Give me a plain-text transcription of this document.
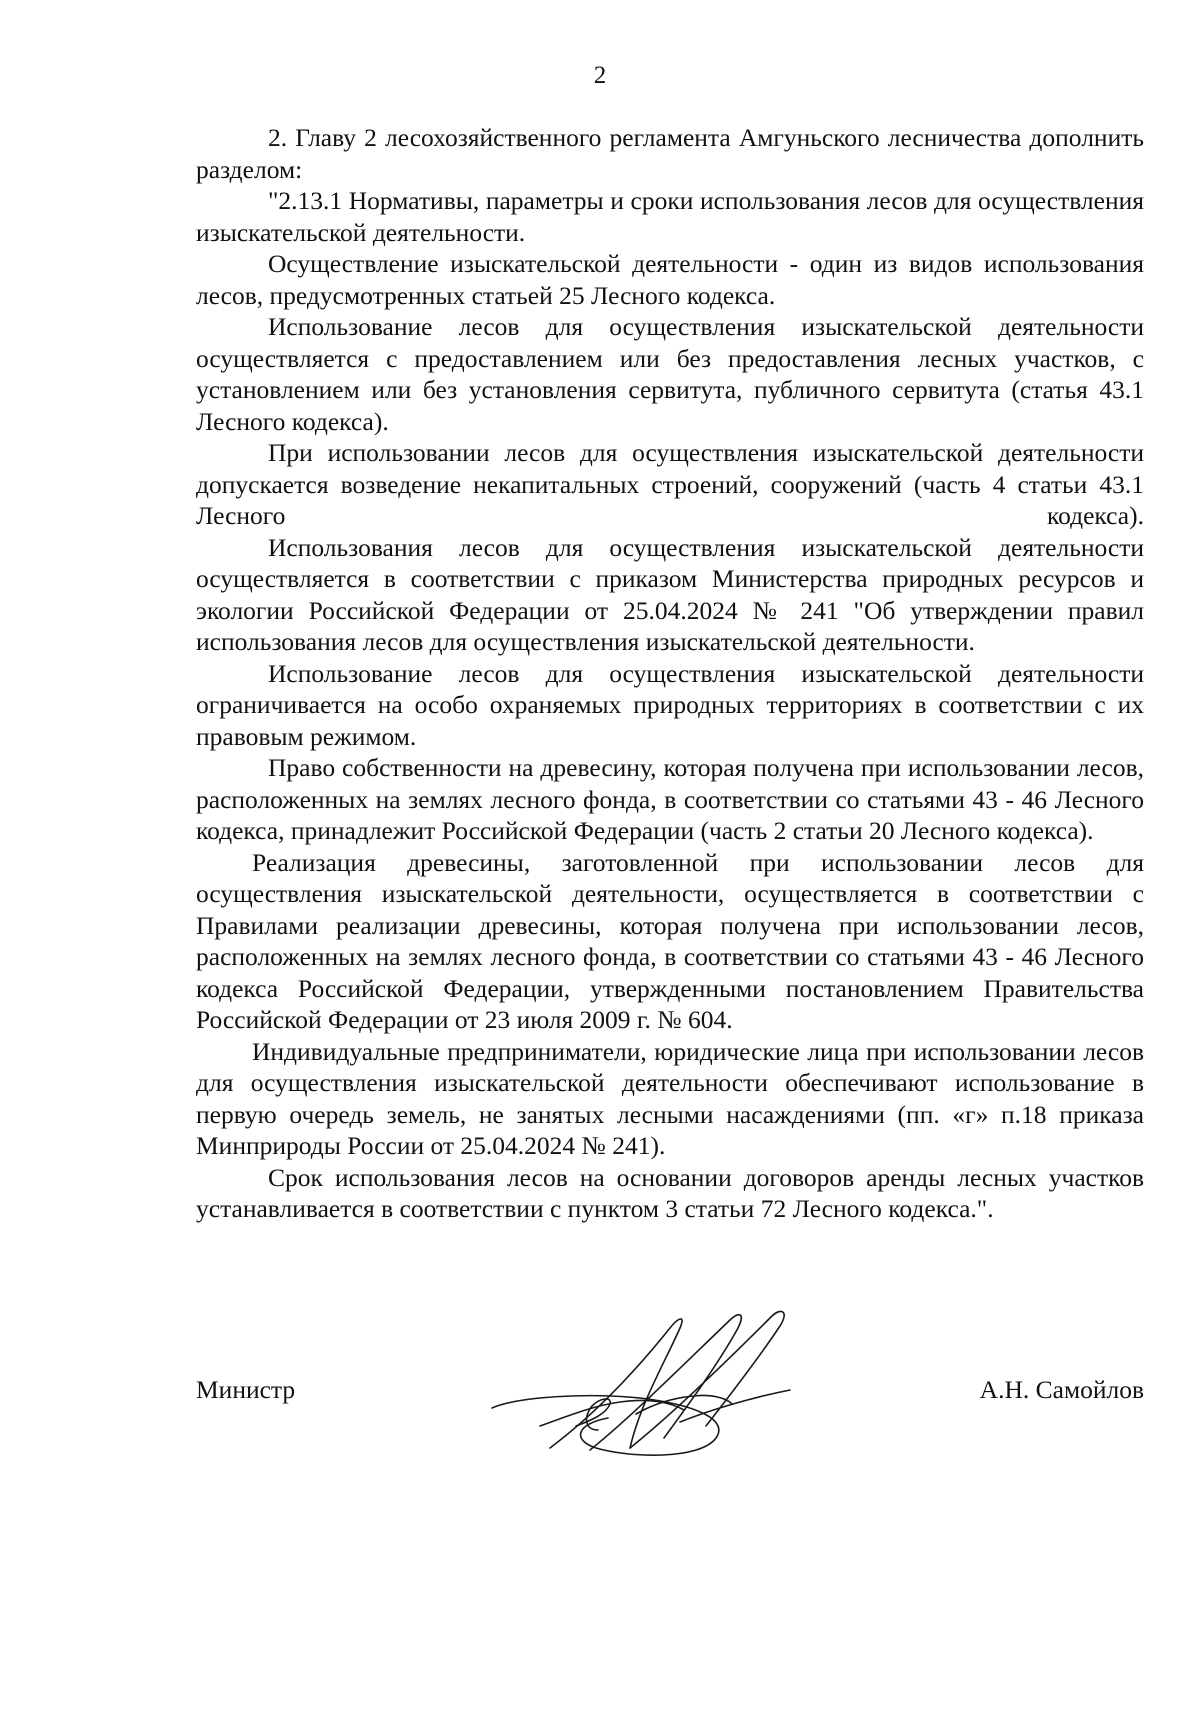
2

2. Главу 2 лесохозяйственного регламента Амгуньского лесничества дополнить разделом:

"2.13.1 Нормативы, параметры и сроки использования лесов для осуществления изыскательской деятельности.

Осуществление изыскательской деятельности - один из видов использования лесов, предусмотренных статьей 25 Лесного кодекса.

Использование лесов для осуществления изыскательской деятельности осуществляется с предоставлением или без предоставления лесных участков, с установлением или без установления сервитута, публичного сервитута (статья 43.1 Лесного кодекса).

При использовании лесов для осуществления изыскательской деятельности допускается возведение некапитальных строений, сооружений (часть 4 статьи 43.1 Лесного кодекса).

Использования лесов для осуществления изыскательской деятельности осуществляется в соответствии с приказом Министерства природных ресурсов и экологии Российской Федерации от 25.04.2024 № 241 "Об утверждении правил использования лесов для осуществления изыскательской деятельности.

Использование лесов для осуществления изыскательской деятельности ограничивается на особо охраняемых природных территориях в соответствии с их правовым режимом.

Право собственности на древесину, которая получена при использовании лесов, расположенных на землях лесного фонда, в соответствии со статьями 43 - 46 Лесного кодекса, принадлежит Российской Федерации (часть 2 статьи 20 Лесного кодекса).

Реализация древесины, заготовленной при использовании лесов для осуществления изыскательской деятельности, осуществляется в соответствии с Правилами реализации древесины, которая получена при использовании лесов, расположенных на землях лесного фонда, в соответствии со статьями 43 - 46 Лесного кодекса Российской Федерации, утвержденными постановлением Правительства Российской Федерации от 23 июля 2009 г. № 604.

Индивидуальные предприниматели, юридические лица при использовании лесов для осуществления изыскательской деятельности обеспечивают использование в первую очередь земель, не занятых лесными насаждениями (пп. «г» п.18 приказа Минприроды России от 25.04.2024 № 241).

Срок использования лесов на основании договоров аренды лесных участков устанавливается в соответствии с пунктом 3 статьи 72 Лесного кодекса.".

Министр	А.Н. Самойлов
